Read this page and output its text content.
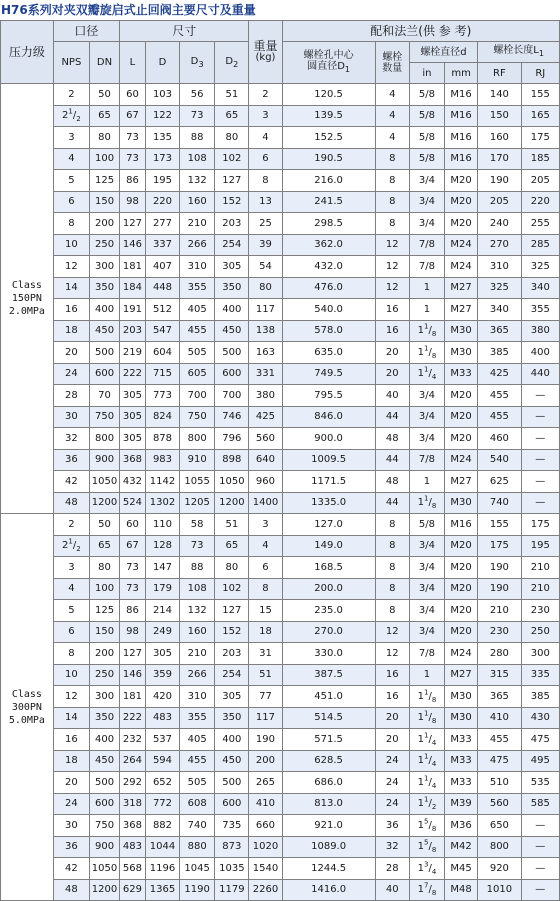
H76系列对夹双瓣旋启式止回阀主要尺寸及重量
压力级	口径		尺寸				重量
(kg)	配和法兰(供 参 考)					
	NPS	DN	L	D	$D_3$	$D_2$		螺栓孔中心
圆直径$D_1$	螺栓
数量	螺栓直径d		螺栓长度$L_1$
										in	mm	RF	RJ

Class
150PN
2.0MPa	2	50	60	103	56	51	2	120.5	4	5/8	M16	140	155
	$2^1/_2$	65	67	122	73	65	3	139.5	4	5/8	M16	150	165
	3	80	73	135	88	80	4	152.5	4	5/8	M16	160	175
	4	100	73	173	108	102	6	190.5	8	5/8	M16	170	185
	5	125	86	195	132	127	8	216.0	8	3/4	M20	190	205
	6	150	98	220	160	152	13	241.5	8	3/4	M20	205	220
	8	200	127	277	210	203	25	298.5	8	3/4	M20	240	255
	10	250	146	337	266	254	39	362.0	12	7/8	M24	270	285
	12	300	181	407	310	305	54	432.0	12	7/8	M24	310	325
	14	350	184	448	355	350	80	476.0	12	1	M27	325	340
	16	400	191	512	405	400	117	540.0	16	1	M27	340	355
	18	450	203	547	455	450	138	578.0	16	$1^1/_8$	M30	365	380
	20	500	219	604	505	500	163	635.0	20	$1^1/_8$	M30	385	400
	24	600	222	715	605	600	331	749.5	20	$1^1/_4$	M33	425	440
	28	70	305	773	700	700	380	795.5	40	3/4	M20	455	—
	30	750	305	824	750	746	425	846.0	44	3/4	M20	455	—
	32	800	305	878	800	796	560	900.0	48	3/4	M20	460	—
	36	900	368	983	910	898	640	1009.5	44	7/8	M24	540	—
	42	1050	432	1142	1055	1050	960	1171.5	48	1	M27	625	—
	48	1200	524	1302	1205	1200	1400	1335.0	44	$1^1/_8$	M30	740	—

Class
300PN
5.0MPa	2	50	60	110	58	51	3	127.0	8	5/8	M16	155	175
	$2^1/_2$	65	67	128	73	65	4	149.0	8	3/4	M20	175	195
	3	80	73	147	88	80	6	168.5	8	3/4	M20	190	210
	4	100	73	179	108	102	8	200.0	8	3/4	M20	190	210
	5	125	86	214	132	127	15	235.0	8	3/4	M20	210	230
	6	150	98	249	160	152	18	270.0	12	3/4	M20	230	250
	8	200	127	305	210	203	31	330.0	12	7/8	M24	280	300
	10	250	146	359	266	254	51	387.5	16	1	M27	315	335
	12	300	181	420	310	305	77	451.0	16	$1^1/_8$	M30	365	385
	14	350	222	483	355	350	117	514.5	20	$1^1/_8$	M30	410	430
	16	400	232	537	405	400	190	571.5	20	$1^1/_4$	M33	455	475
	18	450	264	594	455	450	200	628.5	24	$1^1/_4$	M33	475	495
	20	500	292	652	505	500	265	686.0	24	$1^1/_4$	M33	510	535
	24	600	318	772	608	600	410	813.0	24	$1^1/_2$	M39	560	585
	30	750	368	882	740	735	660	921.0	36	$1^5/_8$	M36	650	—
	36	900	483	1044	880	873	1020	1089.0	32	$1^5/_8$	M42	800	—
	42	1050	568	1196	1045	1035	1540	1244.5	28	$1^3/_4$	M45	920	—
	48	1200	629	1365	1190	1179	2260	1416.0	40	$1^7/_8$	M48	1010	—
